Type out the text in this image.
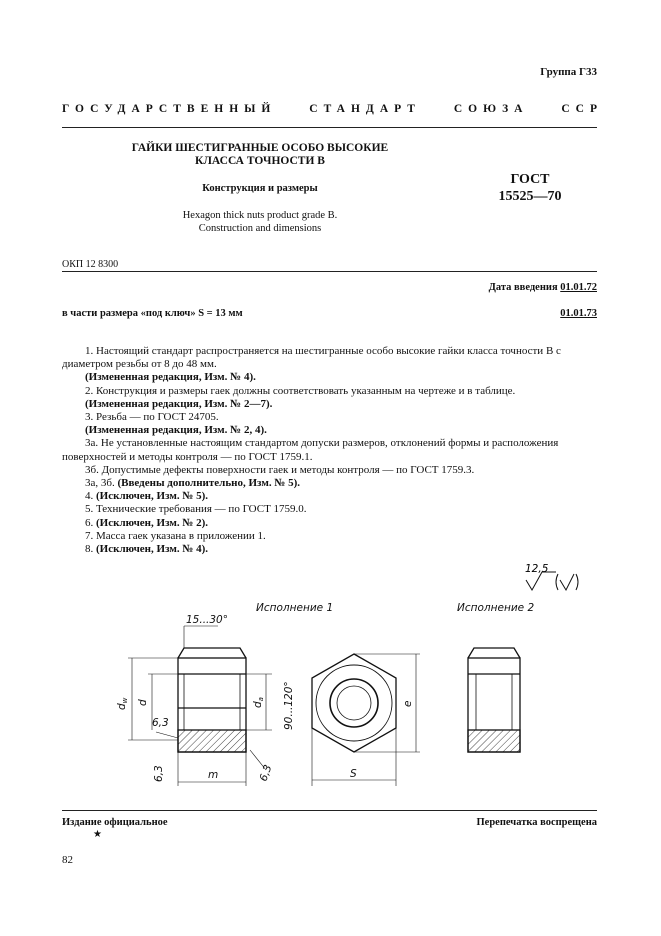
Группа Г33
ГОСУДАРСТВЕННЫЙ	СТАНДАРТ	СОЮЗА	ССР
ГАЙКИ ШЕСТИГРАННЫЕ ОСОБО ВЫСОКИЕ
КЛАССА ТОЧНОСТИ В
Конструкция и размеры
Hexagon thick nuts product grade B.
Construction and dimensions
ГОСТ
15525—70
ОКП 12 8300
Дата введения 01.01.72
в части размера «под ключ» S = 13 мм	01.01.73

1. Настоящий стандарт распространяется на шестигранные особо высокие гайки класса точности В с диаметром резьбы от 8 до 48 мм.

(Измененная редакция, Изм. № 4).

2. Конструкция и размеры гаек должны соответствовать указанным на чертеже и в таблице.

(Измененная редакция, Изм. № 2—7).

3. Резьба — по ГОСТ 24705.

(Измененная редакция, Изм. № 2, 4).

3а. Не установленные настоящим стандартом допуски размеров, отклонений формы и расположения поверхностей и методы контроля — по ГОСТ 1759.1.

3б. Допустимые дефекты поверхности гаек и методы контроля — по ГОСТ 1759.3.

3а, 3б. (Введены дополнительно, Изм. № 5).

4. (Исключен, Изм. № 5).

5. Технические требования — по ГОСТ 1759.0.

6. (Исключен, Изм. № 2).

7. Масса гаек указана в приложении 1.

8. (Исключен, Изм. № 4).

12,5
Исполнение 1	Исполнение 2
15...30°
dw d	da 90...120°
6,3
6,3	6,3
m
e
S
Издание официальное
★
Перепечатка воспрещена
82
